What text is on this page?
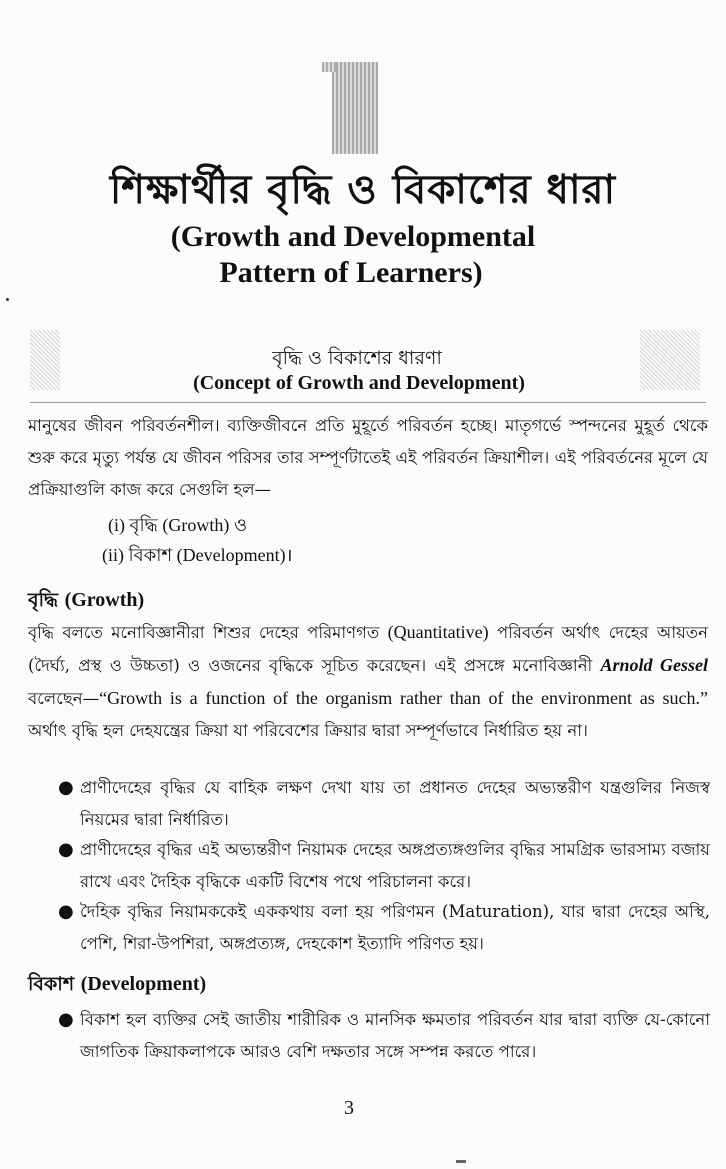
শিক্ষার্থীর বৃদ্ধি ও বিকাশের ধারা
(Growth and Developmental
Pattern of Learners)
বৃদ্ধি ও বিকাশের ধারণা
(Concept of Growth and Development)
মানুষের জীবন পরিবর্তনশীল। ব্যক্তিজীবনে প্রতি মুহূর্তে পরিবর্তন হচ্ছে। মাতৃগর্ভে স্পন্দনের মুহূর্ত থেকে শুরু করে মৃত্যু পর্যন্ত যে জীবন পরিসর তার সম্পূর্ণটাতেই এই পরিবর্তন ক্রিয়াশীল। এই পরিবর্তনের মূলে যে প্রক্রিয়াগুলি কাজ করে সেগুলি হল—
(i) বৃদ্ধি (Growth) ও
(ii) বিকাশ (Development)।
বৃদ্ধি (Growth)
বৃদ্ধি বলতে মনোবিজ্ঞানীরা শিশুর দেহের পরিমাণগত (Quantitative) পরিবর্তন অর্থাৎ দেহের আয়তন (দৈর্ঘ্য, প্রস্থ ও উচ্চতা) ও ওজনের বৃদ্ধিকে সূচিত করেছেন। এই প্রসঙ্গে মনোবিজ্ঞানী Arnold Gessel বলেছেন—“Growth is a function of the organism rather than of the environment as such.” অর্থাৎ বৃদ্ধি হল দেহযন্ত্রের ক্রিয়া যা পরিবেশের ক্রিয়ার দ্বারা সম্পূর্ণভাবে নির্ধারিত হয় না।
● প্রাণীদেহের বৃদ্ধির যে বাহিক লক্ষণ দেখা যায় তা প্রধানত দেহের অভ্যন্তরীণ যন্ত্রগুলির নিজস্ব নিয়মের দ্বারা নির্ধারিত।
● প্রাণীদেহের বৃদ্ধির এই অভ্যন্তরীণ নিয়ামক দেহের অঙ্গপ্রত্যঙ্গগুলির বৃদ্ধির সামগ্রিক ভারসাম্য বজায় রাখে এবং দৈহিক বৃদ্ধিকে একটি বিশেষ পথে পরিচালনা করে।
● দৈহিক বৃদ্ধির নিয়ামককেই এককথায় বলা হয় পরিণমন (Maturation), যার দ্বারা দেহের অস্থি, পেশি, শিরা-উপশিরা, অঙ্গপ্রত্যঙ্গ, দেহকোশ ইত্যাদি পরিণত হয়।
বিকাশ (Development)
● বিকাশ হল ব্যক্তির সেই জাতীয় শারীরিক ও মানসিক ক্ষমতার পরিবর্তন যার দ্বারা ব্যক্তি যে-কোনো জাগতিক ক্রিয়াকলাপকে আরও বেশি দক্ষতার সঙ্গে সম্পন্ন করতে পারে।
3
